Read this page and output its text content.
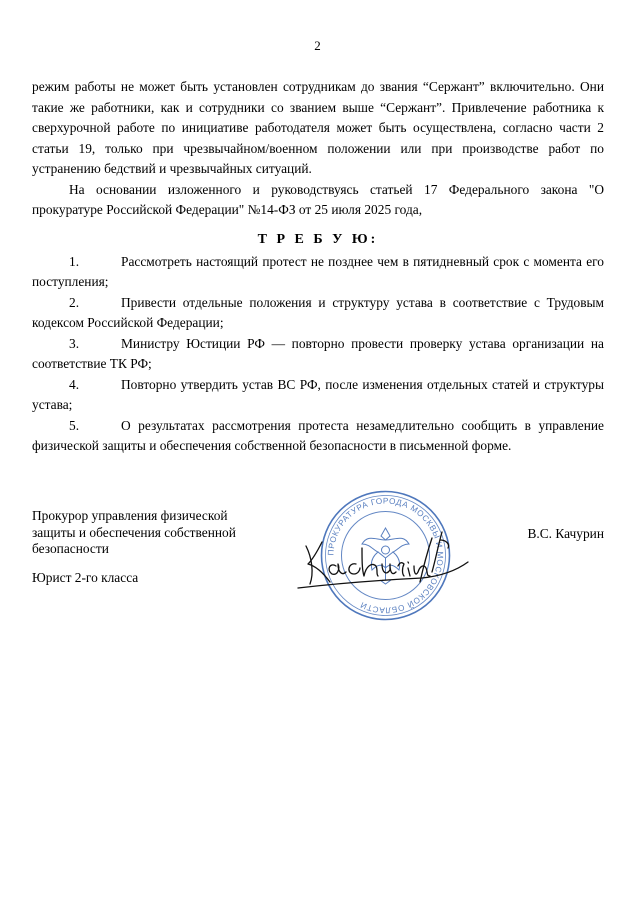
2

режим работы не может быть установлен сотрудникам до звания “Сержант” включительно. Они такие же работники, как и сотрудники со званием выше “Сержант”. Привлечение работника к сверхурочной работе по инициативе работодателя может быть осуществлена, согласно части 2 статьи 19, только при чрезвычайном/военном положении или при производстве работ по устранению бедствий и чрезвычайных ситуаций.

На основании изложенного и руководствуясь статьей 17 Федерального закона "О прокуратуре Российской Федерации" №14-ФЗ от 25 июля 2025 года,

Т Р Е Б У Ю:

1.	Рассмотреть настоящий протест не позднее чем в пятидневный срок с момента его поступления;

2.	Привести отдельные положения и структуру устава в соответствие с Трудовым кодексом Российской Федерации;

3.	Министру Юстиции РФ — повторно провести проверку устава организации на соответствие ТК РФ;

4.	Повторно утвердить устав ВС РФ, после изменения отдельных статей и структуры устава;

5.	О результатах рассмотрения протеста незамедлительно сообщить в управление физической защиты и обеспечения собственной безопасности в письменной форме.

ПРОКУРАТУРА ГОРОДА МОСКВЫ И МОСКОВСКОЙ ОБЛАСТИ
Прокурор управления физической защиты и обеспечения собственной безопасности
Юрист 2-го класса
В.С. Качурин
